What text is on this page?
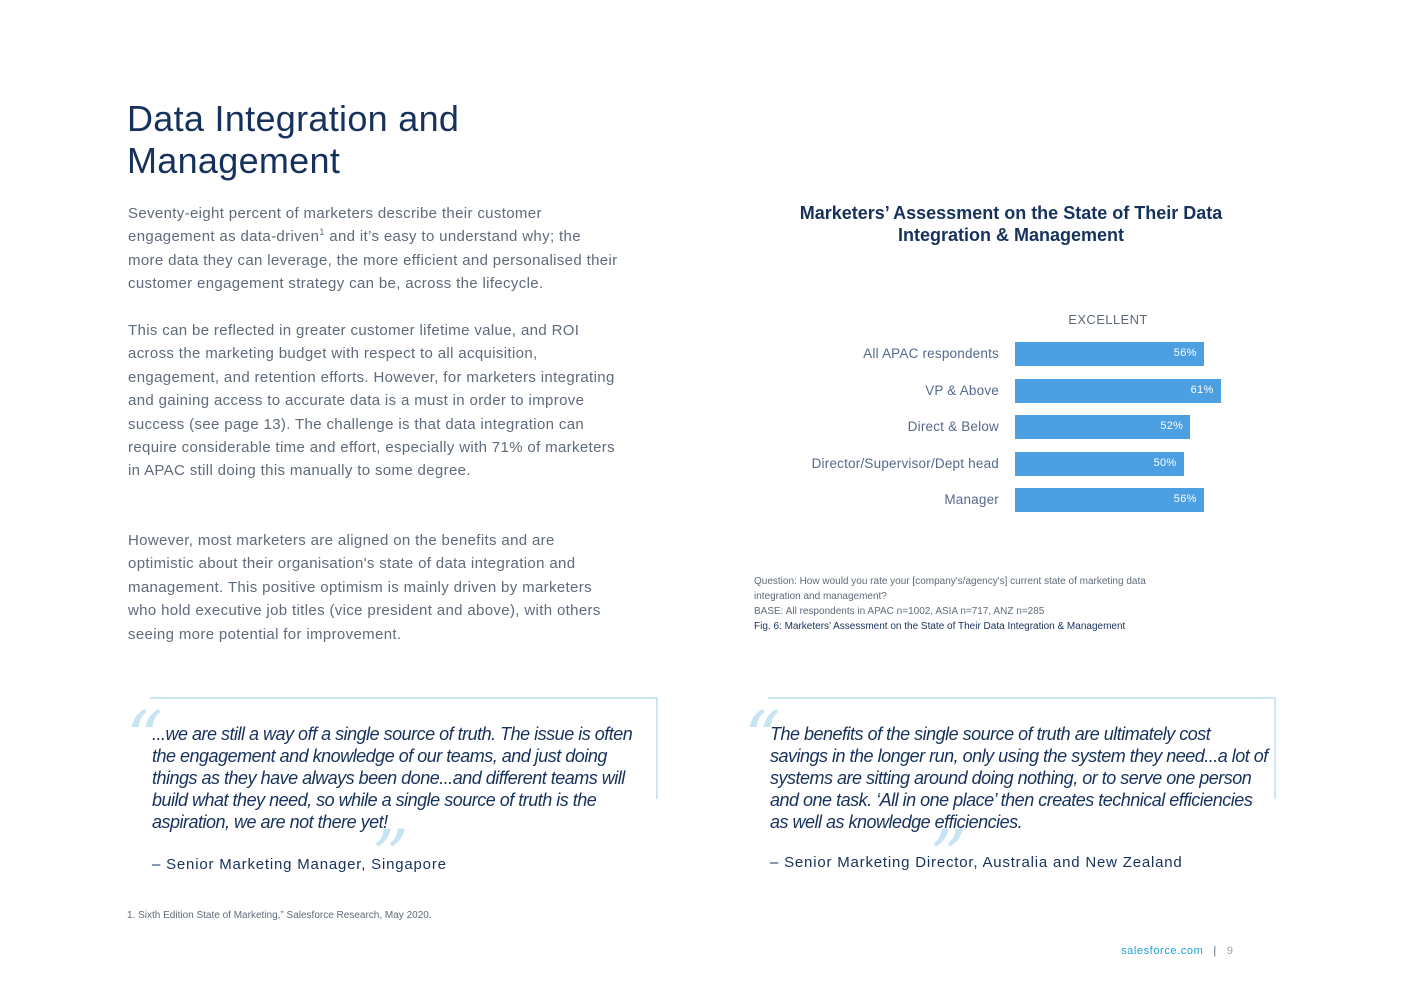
Data Integration and Management

Seventy-eight percent of marketers describe their customer engagement as data-driven$^1$ and it’s easy to understand why; the more data they can leverage, the more efficient and personalised their customer engagement strategy can be, across the lifecycle.

This can be reflected in greater customer lifetime value, and ROI across the marketing budget with respect to all acquisition, engagement, and retention efforts. However, for marketers integrating and gaining access to accurate data is a must in order to improve success (see page 13). The challenge is that data integration can require considerable time and effort, especially with 71% of marketers in APAC still doing this manually to some degree.

However, most marketers are aligned on the benefits and are optimistic about their organisation's state of data integration and management. This positive optimism is mainly driven by marketers who hold executive job titles (vice president and above), with others seeing more potential for improvement.

Marketers’ Assessment on the State of Their Data Integration & Management
EXCELLENT
All APAC respondents	56%
VP & Above	61%
Direct & Below	52%
Director/Supervisor/Dept head	50%
Manager	56%
Question: How would you rate your [company's/agency's] current state of marketing data integration and management?
BASE: All respondents in APAC n=1002, ASIA n=717, ANZ n=285
Fig. 6: Marketers’ Assessment on the State of Their Data Integration & Management
“

...we are still a way off a single source of truth. The issue is often the engagement and knowledge of our teams, and just doing things as they have always been done...and different teams will build what they need, so while a single source of truth is the aspiration, we are not there yet!

”
– Senior Marketing Manager, Singapore
“

The benefits of the single source of truth are ultimately cost savings in the longer run, only using the system they need...a lot of systems are sitting around doing nothing, or to serve one person and one task. ‘All in one place’ then creates technical efficiencies as well as knowledge efficiencies.

”
– Senior Marketing Director, Australia and New Zealand
1. Sixth Edition State of Marketing,” Salesforce Research, May 2020.
salesforce.com | 9
